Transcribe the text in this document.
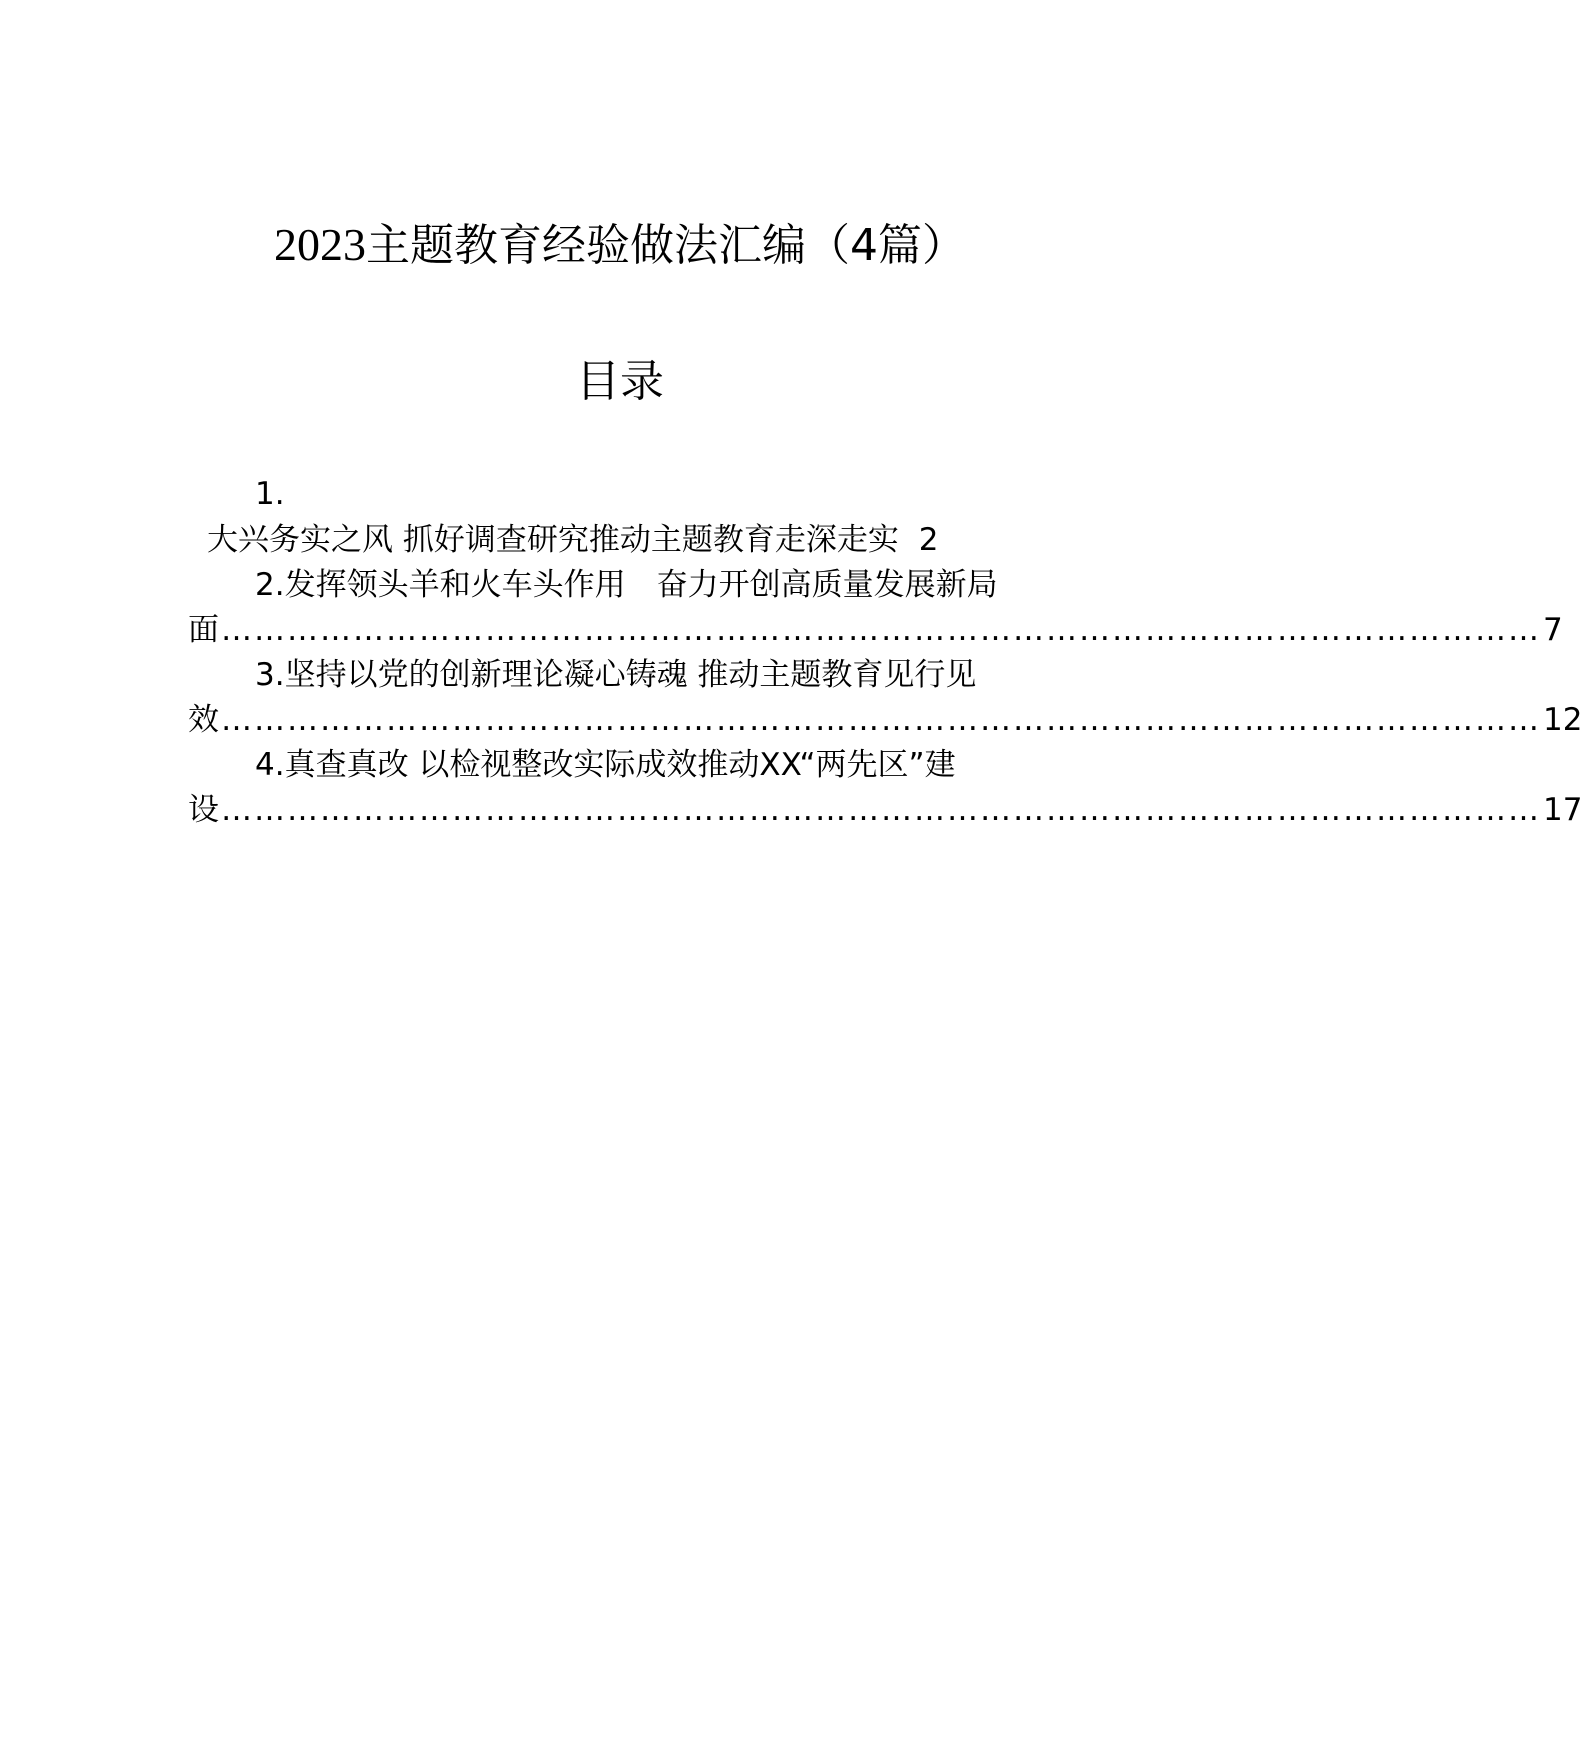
2023主题教育经验做法汇编（4篇）
目录
1.
大兴务实之风 抓好调查研究推动主题教育走深走实 2
2.发挥领头羊和火车头作用　奋力开创高质量发展新局
面 ………………………………………………………………………………………………………… 7
3.坚持以党的创新理论凝心铸魂 推动主题教育见行见
效 ………………………………………………………………………………………………………… 12
4.真查真改 以检视整改实际成效推动XX“两先区”建
设 ………………………………………………………………………………………………………… 17
